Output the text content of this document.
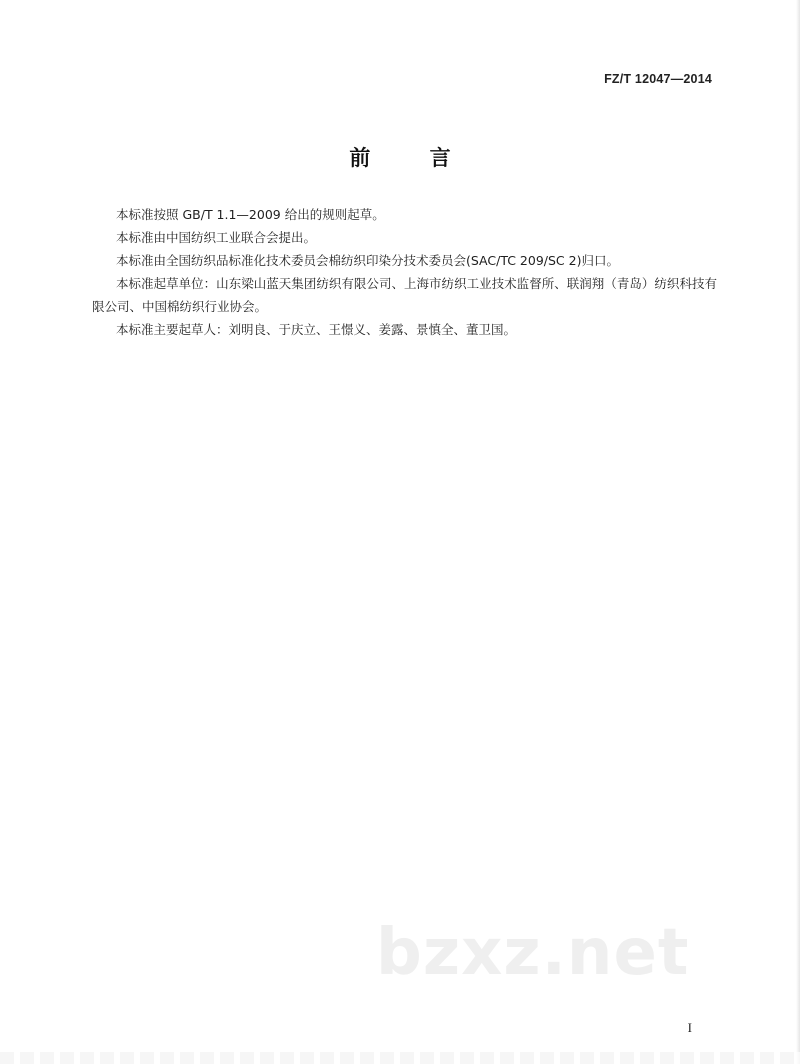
FZ/T 12047—2014
前 言

本标准按照 GB/T 1.1—2009 给出的规则起草。

本标准由中国纺织工业联合会提出。

本标准由全国纺织品标准化技术委员会棉纺织印染分技术委员会(SAC/TC 209/SC 2)归口。

本标准起草单位：山东梁山蓝天集团纺织有限公司、上海市纺织工业技术监督所、联润翔（青岛）纺织科技有限公司、中国棉纺织行业协会。

本标准主要起草人：刘明良、于庆立、王憬义、姜露、景慎全、董卫国。

bzxz.net
I
